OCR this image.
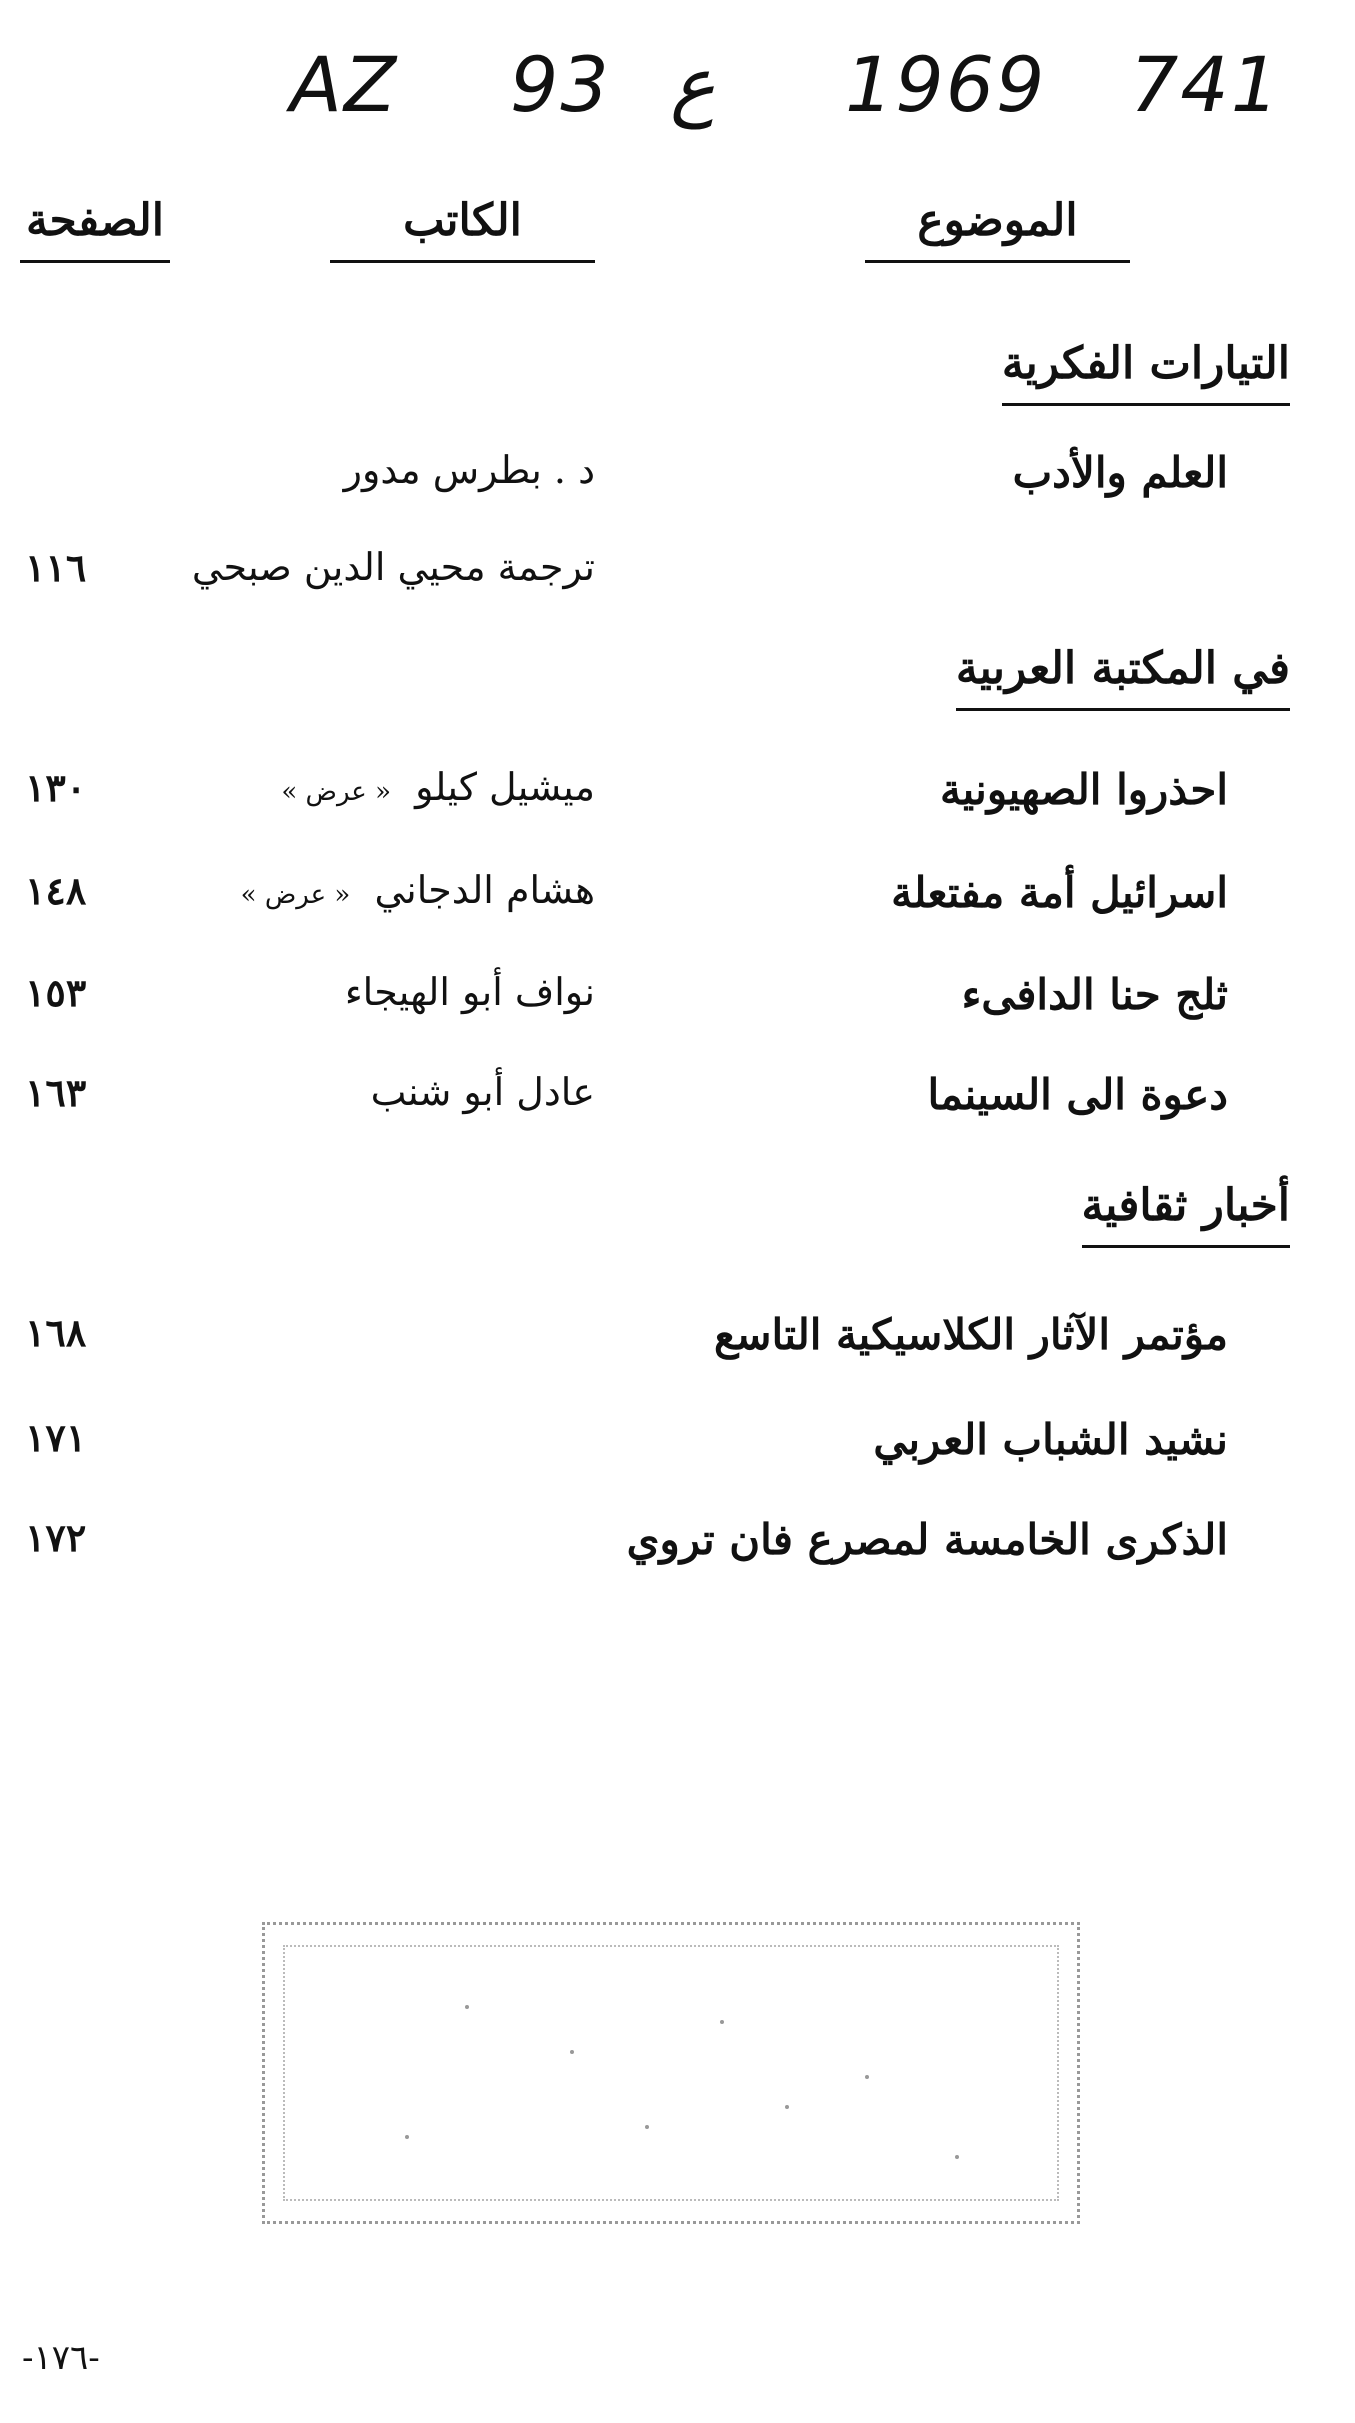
AZ 93 ع 1969 741
الموضوع
الكاتب
الصفحة
التيارات الفكرية
العلم والأدب
د . بطرس مدور
ترجمة محيي الدين صبحي
١١٦
في المكتبة العربية
احذروا الصهيونية
ميشيل كيلو  « عرض »
١٣٠
اسرائيل أمة مفتعلة
هشام الدجاني  « عرض »
١٤٨
ثلج حنا الدافىء
نواف أبو الهيجاء
١٥٣
دعوة الى السينما
عادل أبو شنب
١٦٣
أخبار ثقافية
مؤتمر الآثار الكلاسيكية التاسع
١٦٨
نشيد الشباب العربي
١٧١
الذكرى الخامسة لمصرع فان تروي
١٧٢
-١٧٦-
